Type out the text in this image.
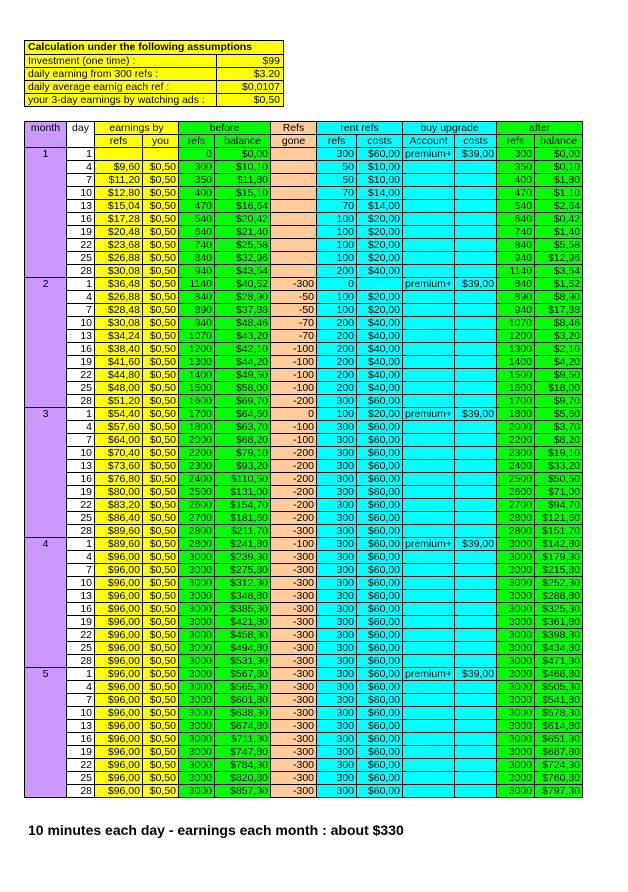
Calculation under the following assumptions	
Investment (one time) :	$99
daily earning from 300 refs :	$3.20
daily average earnig each ref :	$0,0107
your 3-day earnings by watching ads :	$0,50
month	day	earnings by		before		Refs	rent refs		buy upgrade		after	
		refs	you	refs	balance	gone	refs	costs	Account	costs	refs	balance
1	1			0	$0,00		300	$60,00	premium+	$39,00	300	$0,00
	4	$9,60	$0,50	300	$10,10		50	$10,00			350	$0,10
	7	$11,20	$0,50	350	$11,80		50	$10,00			400	$1,80
	10	$12,80	$0,50	400	$15,10		70	$14,00			470	$1,10
	13	$15,04	$0,50	470	$16,64		70	$14,00			540	$2,64
	16	$17,28	$0,50	540	$20,42		100	$20,00			640	$0,42
	19	$20,48	$0,50	640	$21,40		100	$20,00			740	$1,40
	22	$23,68	$0,50	740	$25,58		100	$20,00			840	$5,58
	25	$26,88	$0,50	840	$32,96		100	$20,00			940	$12,96
	28	$30,08	$0,50	940	$43,54		200	$40,00			1140	$3,54
2	1	$36,48	$0,50	1140	$40,52	-300	0		premium+	$39,00	840	$1,52
	4	$26,88	$0,50	840	$28,90	-50	100	$20,00			890	$8,90
	7	$28,48	$0,50	890	$37,88	-50	100	$20,00			940	$17,88
	10	$30,08	$0,50	940	$48,46	-70	200	$40,00			1070	$8,46
	13	$34,24	$0,50	1070	$43,20	-70	200	$40,00			1200	$3,20
	16	$38,40	$0,50	1200	$42,10	-100	200	$40,00			1300	$2,10
	19	$41,60	$0,50	1300	$44,20	-100	200	$40,00			1400	$4,20
	22	$44,80	$0,50	1400	$49,50	-100	200	$40,00			1500	$9,50
	25	$48,00	$0,50	1500	$58,00	-100	200	$40,00			1600	$18,00
	28	$51,20	$0,50	1600	$69,70	-200	300	$60,00			1700	$9,70
3	1	$54,40	$0,50	1700	$64,60	0	100	$20,00	premium+	$39,00	1800	$5,60
	4	$57,60	$0,50	1800	$63,70	-100	300	$60,00			2000	$3,70
	7	$64,00	$0,50	2000	$68,20	-100	300	$60,00			2200	$8,20
	10	$70,40	$0,50	2200	$79,10	-200	300	$60,00			2300	$19,10
	13	$73,60	$0,50	2300	$93,20	-200	300	$60,00			2400	$33,20
	16	$76,80	$0,50	2400	$110,50	-200	300	$60,00			2500	$50,50
	19	$80,00	$0,50	2500	$131,00	-200	300	$60,00			2600	$71,00
	22	$83,20	$0,50	2600	$154,70	-200	300	$60,00			2700	$94,70
	25	$86,40	$0,50	2700	$181,60	-200	300	$60,00			2800	$121,60
	28	$89,60	$0,50	2800	$211,70	-300	300	$60,00			2800	$151,70
4	1	$89,60	$0,50	2800	$241,80	-100	300	$60,00	premium+	$39,00	3000	$142,80
	4	$96,00	$0,50	3000	$239,30	-300	300	$60,00			3000	$179,30
	7	$96,00	$0,50	3000	$275,80	-300	300	$60,00			3000	$215,80
	10	$96,00	$0,50	3000	$312,30	-300	300	$60,00			3000	$252,30
	13	$96,00	$0,50	3000	$348,80	-300	300	$60,00			3000	$288,80
	16	$96,00	$0,50	3000	$385,30	-300	300	$60,00			3000	$325,30
	19	$96,00	$0,50	3000	$421,80	-300	300	$60,00			3000	$361,80
	22	$96,00	$0,50	3000	$458,30	-300	300	$60,00			3000	$398,30
	25	$96,00	$0,50	3000	$494,80	-300	300	$60,00			3000	$434,80
	28	$96,00	$0,50	3000	$531,30	-300	300	$60,00			3000	$471,30
5	1	$96,00	$0,50	3000	$567,80	-300	300	$60,00	premium+	$39,00	3000	$468,80
	4	$96,00	$0,50	3000	$565,30	-300	300	$60,00			3000	$505,30
	7	$96,00	$0,50	3000	$601,80	-300	300	$60,00			3000	$541,80
	10	$96,00	$0,50	3000	$638,30	-300	300	$60,00			3000	$578,30
	13	$96,00	$0,50	3000	$674,80	-300	300	$60,00			3000	$614,80
	16	$96,00	$0,50	3000	$711,30	-300	300	$60,00			3000	$651,30
	19	$96,00	$0,50	3000	$747,80	-300	300	$60,00			3000	$687,80
	22	$96,00	$0,50	3000	$784,30	-300	300	$60,00			3000	$724,30
	25	$96,00	$0,50	3000	$820,80	-300	300	$60,00			3000	$760,80
	28	$96,00	$0,50	3000	$857,30	-300	300	$60,00			3000	$797,30
10 minutes each day - earnings each month : about $330
